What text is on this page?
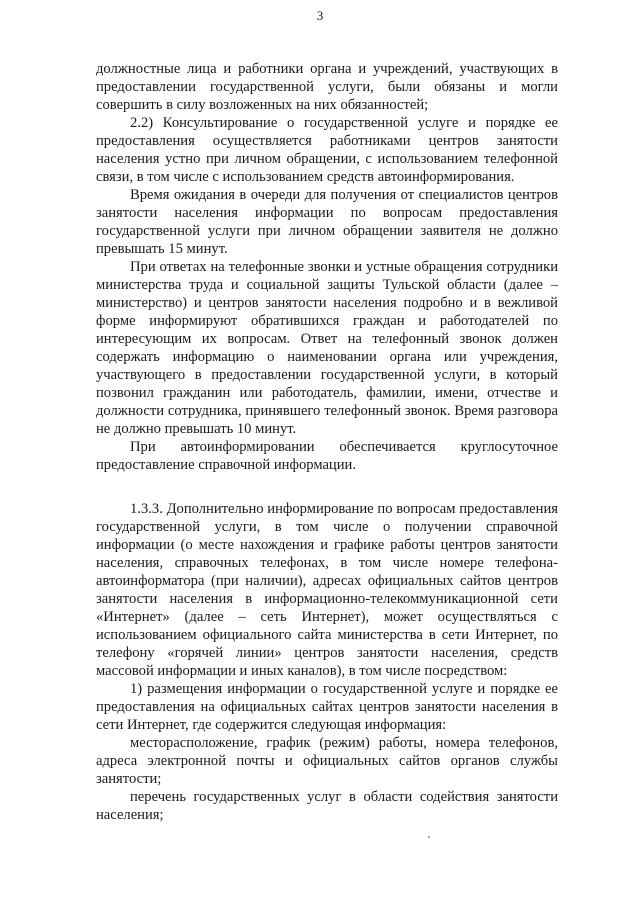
3

должностные лица и работники органа и учреждений, участвующих в предоставлении государственной услуги, были обязаны и могли совершить в силу возложенных на них обязанностей;

2.2) Консультирование о государственной услуге и порядке ее предоставления осуществляется работниками центров занятости населения устно при личном обращении, с использованием телефонной связи, в том числе с использованием средств автоинформирования.

Время ожидания в очереди для получения от специалистов центров занятости населения информации по вопросам предоставления государственной услуги при личном обращении заявителя не должно превышать 15 минут.

При ответах на телефонные звонки и устные обращения сотрудники министерства труда и социальной защиты Тульской области (далее – министерство) и центров занятости населения подробно и в вежливой форме информируют обратившихся граждан и работодателей по интересующим их вопросам. Ответ на телефонный звонок должен содержать информацию о наименовании органа или учреждения, участвующего в предоставлении государственной услуги, в который позвонил гражданин или работодатель, фамилии, имени, отчестве и должности сотрудника, принявшего телефонный звонок. Время разговора не должно превышать 10 минут.

При автоинформировании обеспечивается круглосуточное предоставление справочной информации.

1.3.3. Дополнительно информирование по вопросам предоставления государственной услуги, в том числе о получении справочной информации (о месте нахождения и графике работы центров занятости населения, справочных телефонах, в том числе номере телефона-автоинформатора (при наличии), адресах официальных сайтов центров занятости населения в информационно-телекоммуникационной сети «Интернет» (далее – сеть Интернет), может осуществляться с использованием официального сайта министерства в сети Интернет, по телефону «горячей линии» центров занятости населения, средств массовой информации и иных каналов), в том числе посредством:

1) размещения информации о государственной услуге и порядке ее предоставления на официальных сайтах центров занятости населения в сети Интернет, где содержится следующая информация:

месторасположение, график (режим) работы, номера телефонов, адреса электронной почты и официальных сайтов органов службы занятости;

перечень государственных услуг в области содействия занятости населения;
